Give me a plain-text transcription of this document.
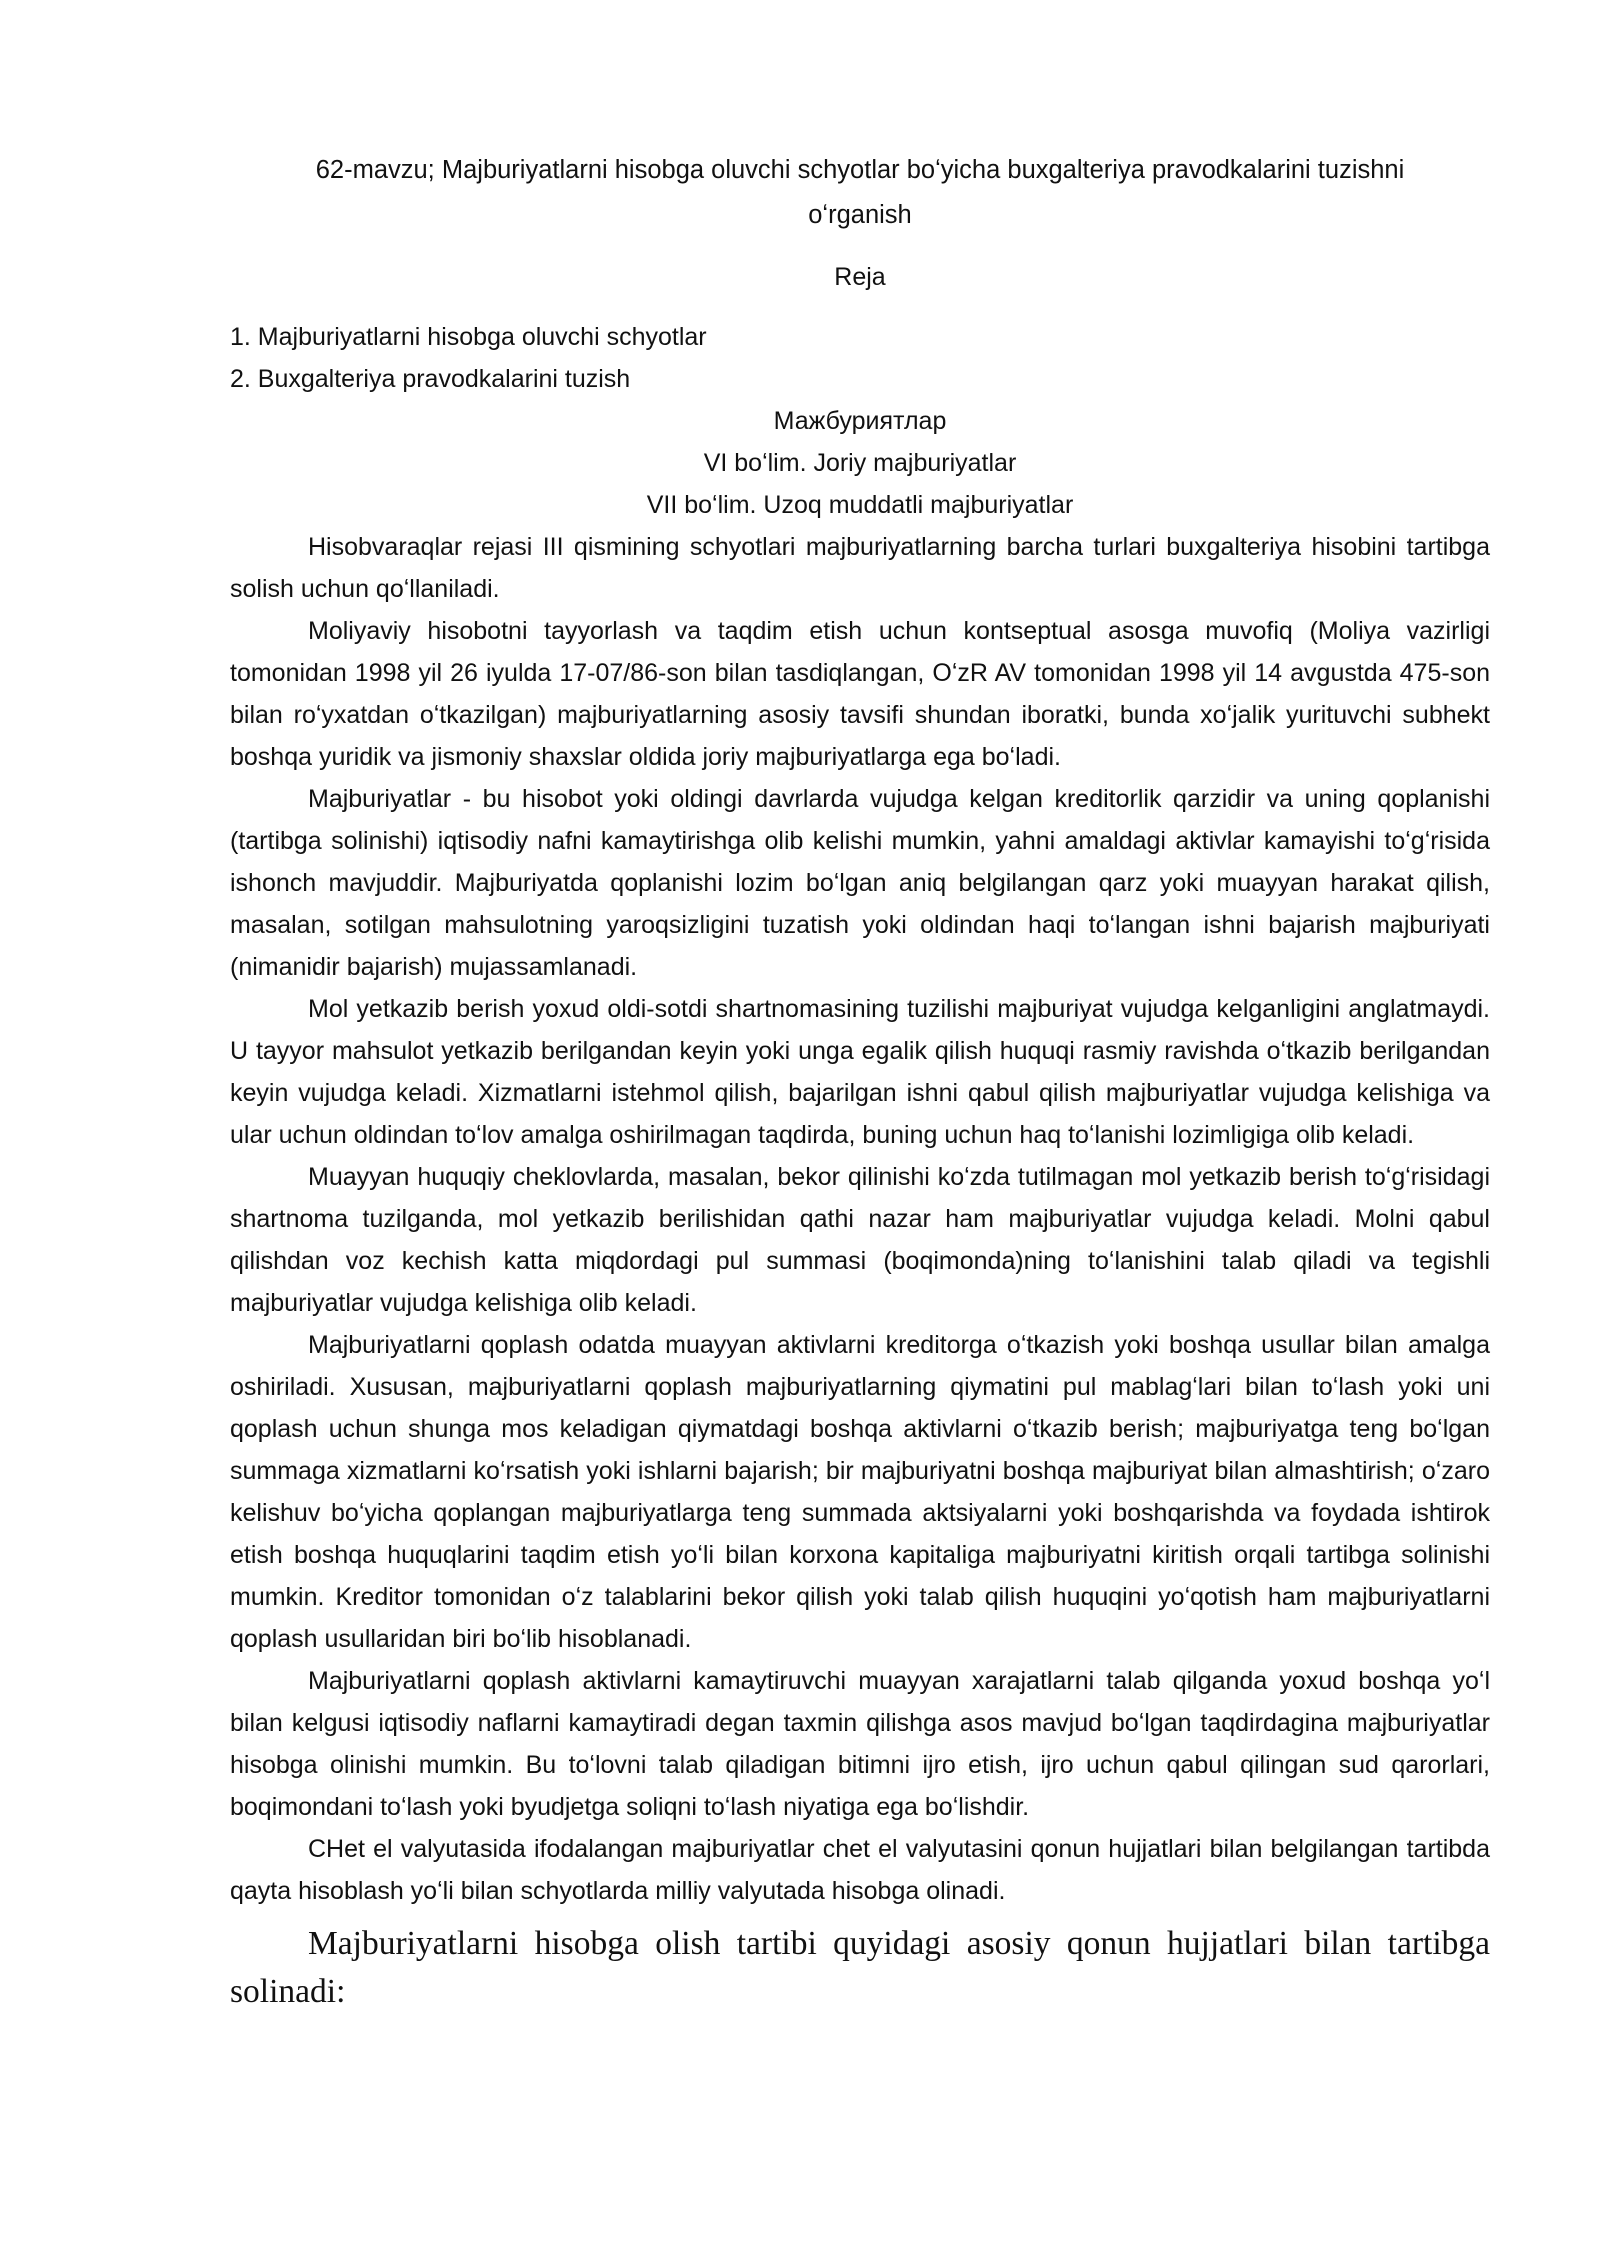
62-mavzu; Majburiyatlarni hisobga oluvchi schyotlar boʻyicha buxgalteriya pravodkalarini tuzishni oʻrganish

Reja

1. Majburiyatlarni hisobga oluvchi schyotlar

2. Buxgalteriya pravodkalarini tuzish

Мажбуриятлар

VI boʻlim. Joriy majburiyatlar

VII boʻlim. Uzoq muddatli majburiyatlar

Hisobvaraqlar rejasi III qismining schyotlari majburiyatlarning barcha turlari buxgalteriya hisobini tartibga solish uchun qoʻllaniladi.

Moliyaviy hisobotni tayyorlash va taqdim etish uchun kontseptual asosga muvofiq (Moliya vazirligi tomonidan 1998 yil 26 iyulda 17-07/86-son bilan tasdiqlangan, OʻzR AV tomonidan 1998 yil 14 avgustda 475-son bilan roʻyxatdan oʻtkazilgan) majburiyatlarning asosiy tavsifi shundan iboratki, bunda xoʻjalik yurituvchi subhekt boshqa yuridik va jismoniy shaxslar oldida joriy majburiyatlarga ega boʻladi.

Majburiyatlar - bu hisobot yoki oldingi davrlarda vujudga kelgan kreditorlik qarzidir va uning qoplanishi (tartibga solinishi) iqtisodiy nafni kamaytirishga olib kelishi mumkin, yahni amaldagi aktivlar kamayishi toʻgʻrisida ishonch mavjuddir. Majburiyatda qoplanishi lozim boʻlgan aniq belgilangan qarz yoki muayyan harakat qilish, masalan, sotilgan mahsulotning yaroqsizligini tuzatish yoki oldindan haqi toʻlangan ishni bajarish majburiyati (nimanidir bajarish) mujassamlanadi.

Mol yetkazib berish yoxud oldi-sotdi shartnomasining tuzilishi majburiyat vujudga kelganligini anglatmaydi. U tayyor mahsulot yetkazib berilgandan keyin yoki unga egalik qilish huquqi rasmiy ravishda oʻtkazib berilgandan keyin vujudga keladi. Xizmatlarni istehmol qilish, bajarilgan ishni qabul qilish majburiyatlar vujudga kelishiga va ular uchun oldindan toʻlov amalga oshirilmagan taqdirda, buning uchun haq toʻlanishi lozimligiga olib keladi.

Muayyan huquqiy cheklovlarda, masalan, bekor qilinishi koʻzda tutilmagan mol yetkazib berish toʻgʻrisidagi shartnoma tuzilganda, mol yetkazib berilishidan qathi nazar ham majburiyatlar vujudga keladi. Molni qabul qilishdan voz kechish katta miqdordagi pul summasi (boqimonda)ning toʻlanishini talab qiladi va tegishli majburiyatlar vujudga kelishiga olib keladi.

Majburiyatlarni qoplash odatda muayyan aktivlarni kreditorga oʻtkazish yoki boshqa usullar bilan amalga oshiriladi. Xususan, majburiyatlarni qoplash majburiyatlarning qiymatini pul mablagʻlari bilan toʻlash yoki uni qoplash uchun shunga mos keladigan qiymatdagi boshqa aktivlarni oʻtkazib berish; majburiyatga teng boʻlgan summaga xizmatlarni koʻrsatish yoki ishlarni bajarish; bir majburiyatni boshqa majburiyat bilan almashtirish; oʻzaro kelishuv boʻyicha qoplangan majburiyatlarga teng summada aktsiyalarni yoki boshqarishda va foydada ishtirok etish boshqa huquqlarini taqdim etish yoʻli bilan korxona kapitaliga majburiyatni kiritish orqali tartibga solinishi mumkin. Kreditor tomonidan oʻz talablarini bekor qilish yoki talab qilish huquqini yoʻqotish ham majburiyatlarni qoplash usullaridan biri boʻlib hisoblanadi.

Majburiyatlarni qoplash aktivlarni kamaytiruvchi muayyan xarajatlarni talab qilganda yoxud boshqa yoʻl bilan kelgusi iqtisodiy naflarni kamaytiradi degan taxmin qilishga asos mavjud boʻlgan taqdirdagina majburiyatlar hisobga olinishi mumkin. Bu toʻlovni talab qiladigan bitimni ijro etish, ijro uchun qabul qilingan sud qarorlari, boqimondani toʻlash yoki byudjetga soliqni toʻlash niyatiga ega boʻlishdir.

CHet el valyutasida ifodalangan majburiyatlar chet el valyutasini qonun hujjatlari bilan belgilangan tartibda qayta hisoblash yoʻli bilan schyotlarda milliy valyutada hisobga olinadi.

Majburiyatlarni hisobga olish tartibi quyidagi asosiy qonun hujjatlari bilan tartibga solinadi:
